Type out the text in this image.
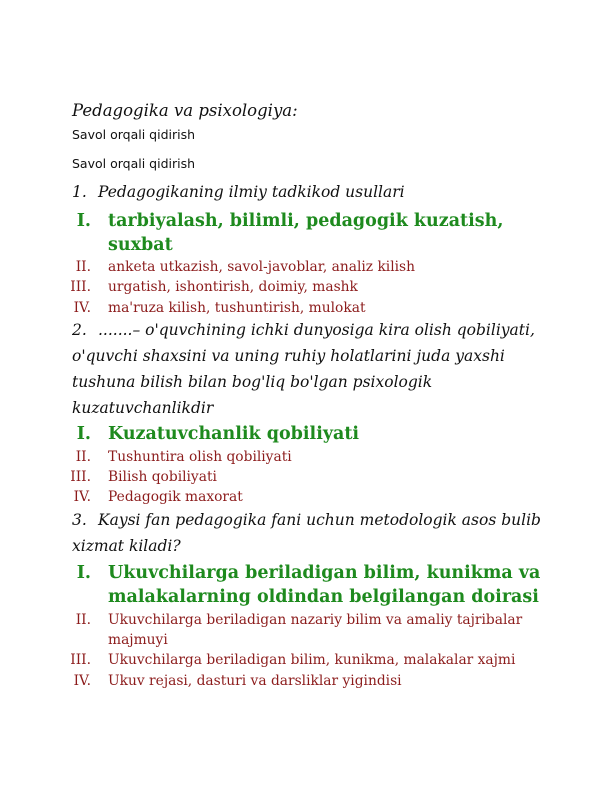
Pedagogika va psixologiya:
Savol orqali qidirish
Savol orqali qidirish
1. Pedagogikaning ilmiy tadkikod usullari
I. tarbiyalash, bilimli, pedagogik kuzatish, suxbat
II. anketa utkazish, savol-javoblar, analiz kilish
III. urgatish, ishontirish, doimiy, mashk
IV. ma'ruza kilish, tushuntirish, mulokat
2. .......– o'quvchining ichki dunyosiga kira olish qobiliyati, o'quvchi shaxsini va uning ruhiy holatlarini juda yaxshi tushuna bilish bilan bog'liq bo'lgan psixologik kuzatuvchanlikdir
I. Kuzatuvchanlik qobiliyati
II. Tushuntira olish qobiliyati
III. Bilish qobiliyati
IV. Pedagogik maxorat
3. Kaysi fan pedagogika fani uchun metodologik asos bulib xizmat kiladi?
I. Ukuvchilarga beriladigan bilim, kunikma va malakalarning oldindan belgilangan doirasi
II. Ukuvchilarga beriladigan nazariy bilim va amaliy tajribalar majmuyi
III. Ukuvchilarga beriladigan bilim, kunikma, malakalar xajmi
IV. Ukuv rejasi, dasturi va darsliklar yigindisi
